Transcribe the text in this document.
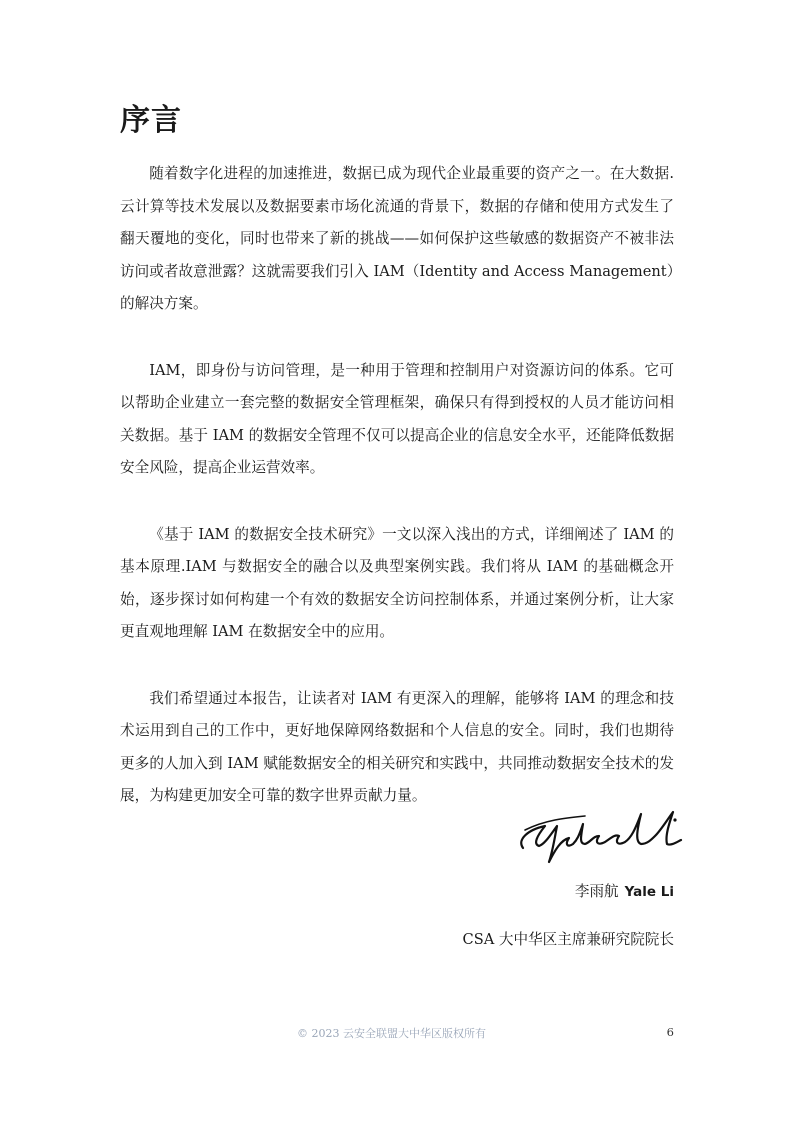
序言

随着数字化进程的加速推进，数据已成为现代企业最重要的资产之一。在大数据.云计算等技术发展以及数据要素市场化流通的背景下，数据的存储和使用方式发生了翻天覆地的变化，同时也带来了新的挑战——如何保护这些敏感的数据资产不被非法访问或者故意泄露？这就需要我们引入 IAM（Identity and Access Management）的解决方案。

IAM，即身份与访问管理，是一种用于管理和控制用户对资源访问的体系。它可以帮助企业建立一套完整的数据安全管理框架，确保只有得到授权的人员才能访问相关数据。基于 IAM 的数据安全管理不仅可以提高企业的信息安全水平，还能降低数据安全风险，提高企业运营效率。

《基于 IAM 的数据安全技术研究》一文以深入浅出的方式，详细阐述了 IAM 的基本原理.IAM 与数据安全的融合以及典型案例实践。我们将从 IAM 的基础概念开始，逐步探讨如何构建一个有效的数据安全访问控制体系，并通过案例分析，让大家更直观地理解 IAM 在数据安全中的应用。

我们希望通过本报告，让读者对 IAM 有更深入的理解，能够将 IAM 的理念和技术运用到自己的工作中，更好地保障网络数据和个人信息的安全。同时，我们也期待更多的人加入到 IAM 赋能数据安全的相关研究和实践中，共同推动数据安全技术的发展，为构建更加安全可靠的数字世界贡献力量。

李雨航 Yale Li
CSA 大中华区主席兼研究院院长
© 2023 云安全联盟大中华区版权所有	6
